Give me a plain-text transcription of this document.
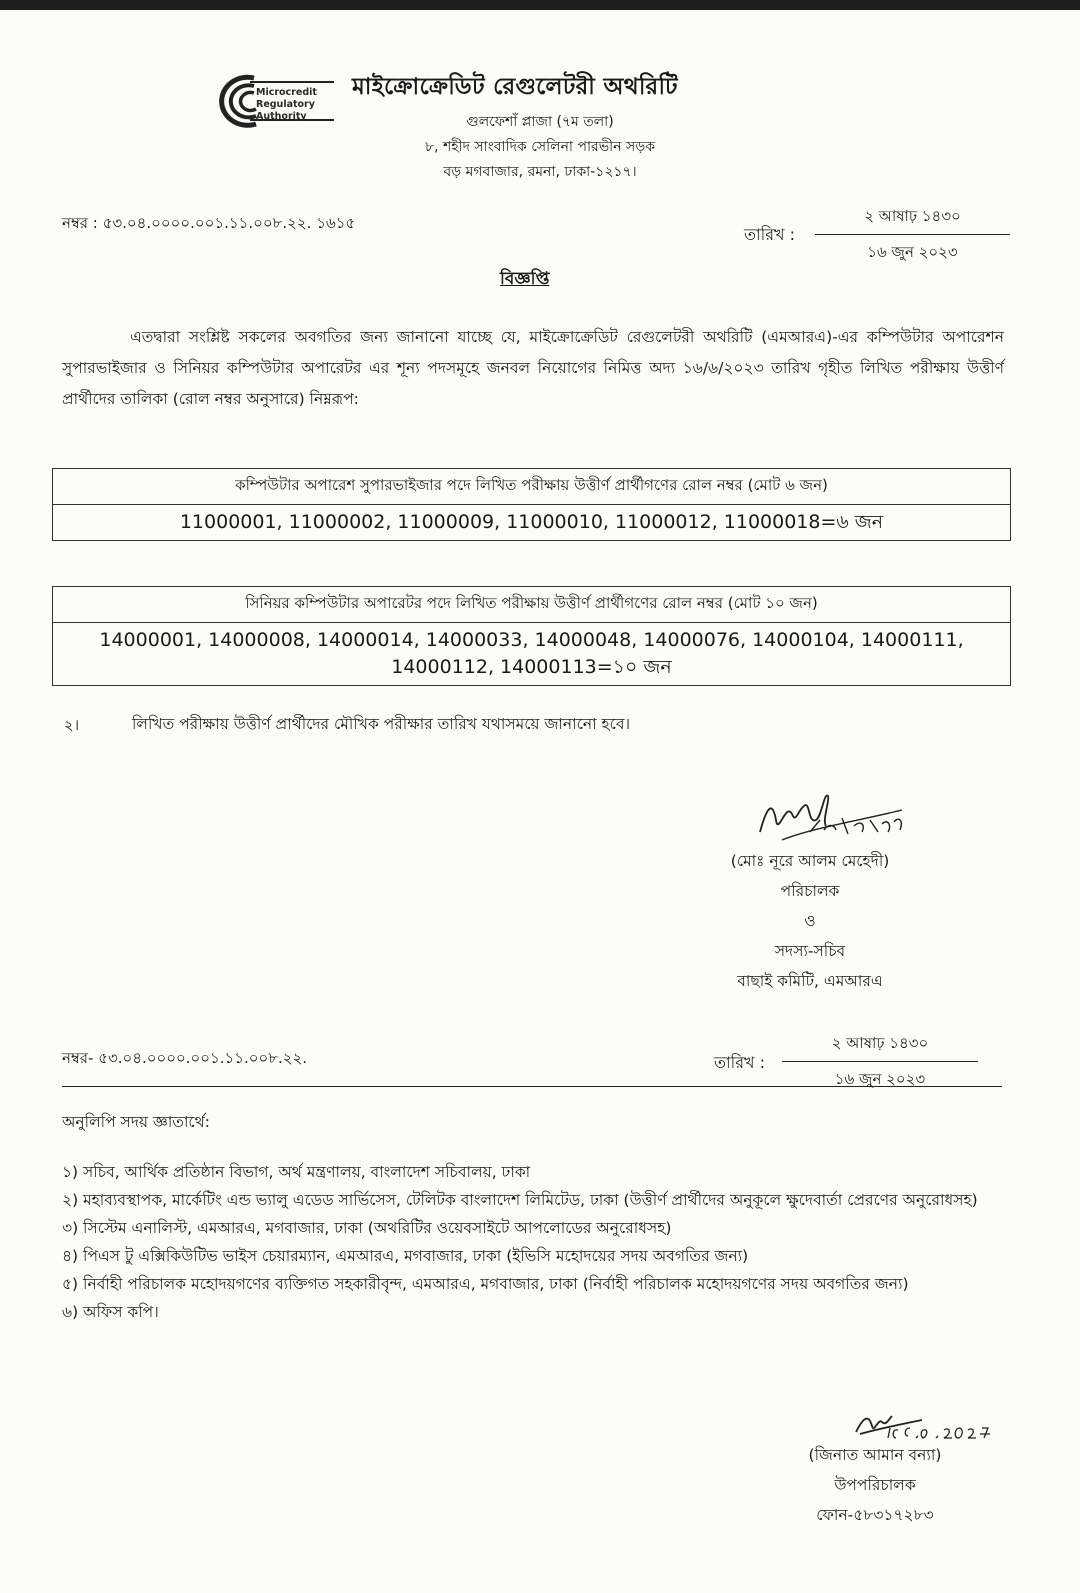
Microcredit
Regulatory
Authority
মাইক্রোক্রেডিট রেগুলেটরী অথরিটি
গুলফেশাঁ প্লাজা (৭ম তলা)
৮, শহীদ সাংবাদিক সেলিনা পারভীন সড়ক
বড় মগবাজার, রমনা, ঢাকা-১২১৭।
নম্বর : ৫৩.০৪.০০০০.০০১.১১.০০৮.২২. ১৬১৫
তারিখ :
২ আষাঢ় ১৪৩০
১৬ জুন ২০২৩
বিজ্ঞপ্তি
এতদ্বারা সংশ্লিষ্ট সকলের অবগতির জন্য জানানো যাচ্ছে যে, মাইক্রোক্রেডিট রেগুলেটরী অথরিটি (এমআরএ)-এর কম্পিউটার অপারেশন সুপারভাইজার ও সিনিয়র কম্পিউটার অপারেটর এর শূন্য পদসমূহে জনবল নিয়োগের নিমিত্ত অদ্য ১৬/৬/২০২৩ তারিখ গৃহীত লিখিত পরীক্ষায় উত্তীর্ণ প্রার্থীদের তালিকা (রোল নম্বর অনুসারে) নিম্নরূপ:
কম্পিউটার অপারেশ সুপারভাইজার পদে লিখিত পরীক্ষায় উত্তীর্ণ প্রার্থীগণের রোল নম্বর (মোট ৬ জন)
11000001, 11000002, 11000009, 11000010, 11000012, 11000018=৬ জন
সিনিয়র কম্পিউটার অপারেটর পদে লিখিত পরীক্ষায় উত্তীর্ণ প্রার্থীগণের রোল নম্বর (মোট ১০ জন)

14000001, 14000008, 14000014, 14000033, 14000048, 14000076, 14000104, 14000111,
14000112, 14000113=১০ জন
২।	লিখিত পরীক্ষায় উত্তীর্ণ প্রার্থীদের মৌখিক পরীক্ষার তারিখ যথাসময়ে জানানো হবে।
(মোঃ নূরে আলম মেহেদী)
পরিচালক
ও
সদস্য-সচিব
বাছাই কমিটি, এমআরএ
নম্বর- ৫৩.০৪.০০০০.০০১.১১.০০৮.২২.	তারিখ :
২ আষাঢ় ১৪৩০
১৬ জুন ২০২৩
অনুলিপি সদয় জ্ঞাতার্থে:
১) সচিব, আর্থিক প্রতিষ্ঠান বিভাগ, অর্থ মন্ত্রণালয়, বাংলাদেশ সচিবালয়, ঢাকা
২) মহাব্যবস্থাপক, মার্কেটিং এন্ড ভ্যালু এডেড সার্ভিসেস, টেলিটক বাংলাদেশ লিমিটেড, ঢাকা (উত্তীর্ণ প্রার্থীদের অনুকূলে ক্ষুদেবার্তা প্রেরণের অনুরোধসহ)
৩) সিস্টেম এনালিস্ট, এমআরএ, মগবাজার, ঢাকা (অথরিটির ওয়েবসাইটে আপলোডের অনুরোধসহ)
৪) পিএস টু এক্সিকিউটিভ ভাইস চেয়ারম্যান, এমআরএ, মগবাজার, ঢাকা (ইভিসি মহোদয়ের সদয় অবগতির জন্য)
৫) নির্বাহী পরিচালক মহোদয়গণের ব্যক্তিগত সহকারীবৃন্দ, এমআরএ, মগবাজার, ঢাকা (নির্বাহী পরিচালক মহোদয়গণের সদয় অবগতির জন্য)
৬) অফিস কপি।
(জিনাত আমান বন্যা)
উপপরিচালক
ফোন-৫৮৩১৭২৮৩
